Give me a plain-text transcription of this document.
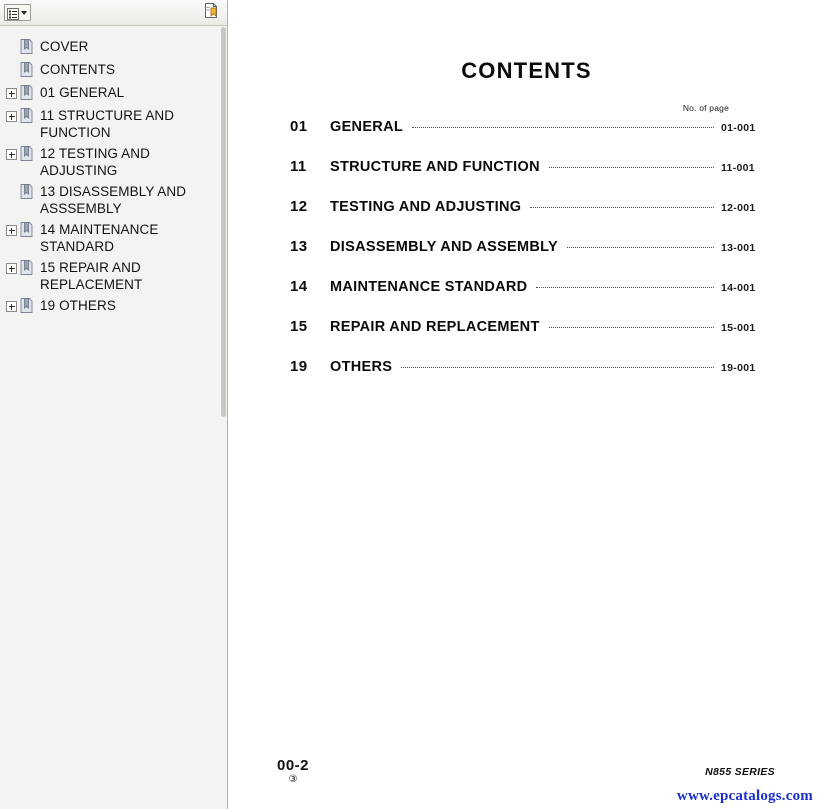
COVER
CONTENTS
01 GENERAL
11 STRUCTURE AND FUNCTION
12 TESTING AND ADJUSTING
13 DISASSEMBLY AND ASSSEMBLY
14 MAINTENANCE STANDARD
15 REPAIR AND REPLACEMENT
19 OTHERS
CONTENTS
No. of page
01	GENERAL	01-001
11	STRUCTURE AND FUNCTION	11-001
12	TESTING AND ADJUSTING	12-001
13	DISASSEMBLY AND ASSEMBLY	13-001
14	MAINTENANCE STANDARD	14-001
15	REPAIR AND REPLACEMENT	15-001
19	OTHERS	19-001
00-2
③
N855 SERIES
www.epcatalogs.com
